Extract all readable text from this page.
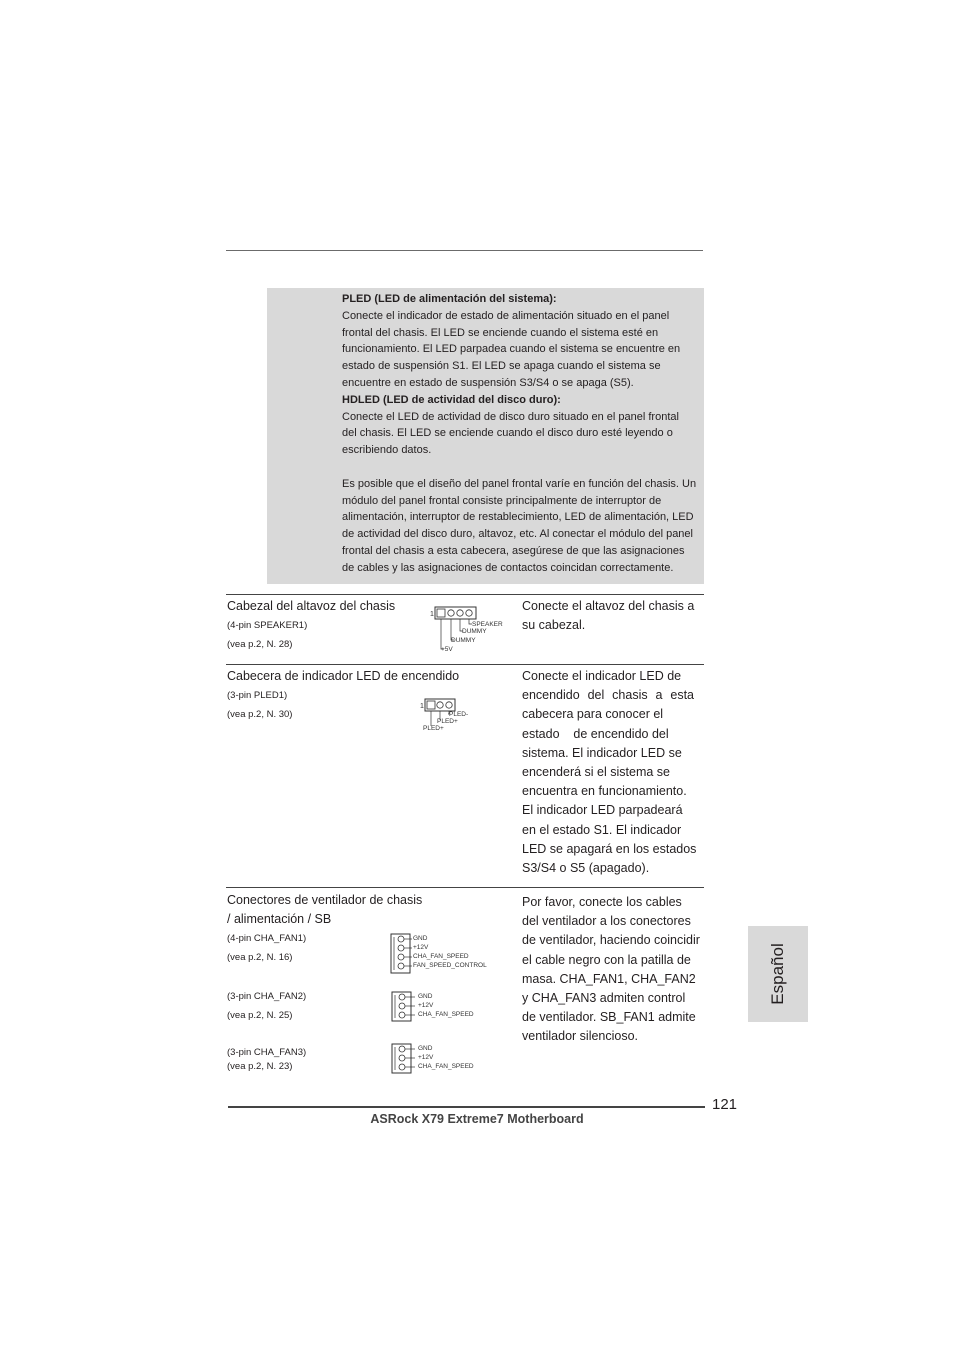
PLED (LED de alimentación del sistema):

Conecte el indicador de estado de alimentación situado en el panel

frontal del chasis. El LED se enciende cuando el sistema esté en

funcionamiento. El LED parpadea cuando el sistema se encuentre en

estado de suspensión S1. El LED se apaga cuando el sistema se

encuentre en estado de suspensión S3/S4 o se apaga (S5).

HDLED (LED de actividad del disco duro):

Conecte el LED de actividad de disco duro situado en el panel frontal

del chasis. El LED se enciende cuando el disco duro esté leyendo o

escribiendo datos.

Es posible que el diseño del panel frontal varíe en función del chasis. Un

módulo del panel frontal consiste principalmente de interruptor de

alimentación, interruptor de restablecimiento, LED de alimentación, LED

de actividad del disco duro, altavoz, etc. Al conectar el módulo del panel

frontal del chasis a esta cabecera, asegúrese de que las asignaciones

de cables y las asignaciones de contactos coincidan correctamente.

Cabezal del altavoz del chasis
(4-pin SPEAKER1)
(vea p.2, N. 28)
1
SPEAKER
DUMMY
DUMMY
+5V

Conecte el altavoz del chasis a

su cabezal.

Cabecera de indicador LED de encendido
(3-pin PLED1)
(vea p.2, N. 30)
1
PLED-
PLED+
PLED+

Conecte el indicador LED de

encendido del chasis a esta

cabecera para conocer el

estado    de encendido del

sistema. El indicador LED se

encenderá si el sistema se

encuentra en funcionamiento.

El indicador LED parpadeará

en el estado S1. El indicador

LED se apagará en los estados

S3/S4 o S5 (apagado).

Conectores de ventilador de chasis
/ alimentación / SB
(4-pin CHA_FAN1)
(vea p.2, N. 16)
GND
+12V
CHA_FAN_SPEED
FAN_SPEED_CONTROL
(3-pin CHA_FAN2)
(vea p.2, N. 25)
GND
+12V
CHA_FAN_SPEED
(3-pin CHA_FAN3)
(vea p.2, N. 23)
GND
+12V
CHA_FAN_SPEED

Por favor, conecte los cables

del ventilador a los conectores

de ventilador, haciendo coincidir

el cable negro con la patilla de

masa. CHA_FAN1, CHA_FAN2

y CHA_FAN3 admiten control

de ventilador. SB_FAN1 admite

ventilador silencioso.

Español
121
ASRock X79 Extreme7 Motherboard
